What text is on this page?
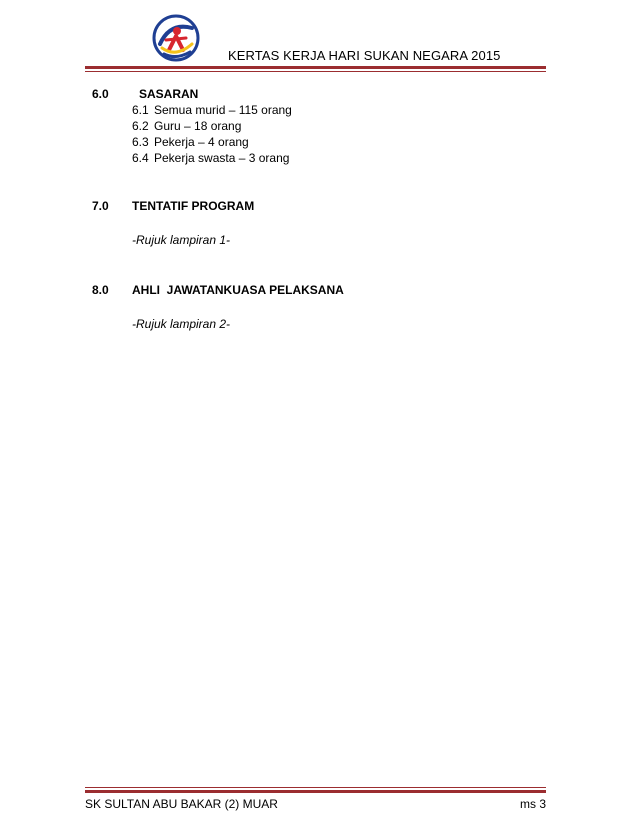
KERTAS KERJA HARI SUKAN NEGARA 2015
6.0	SASARAN
6.1 Semua murid – 115 orang
6.2 Guru – 18 orang
6.3 Pekerja – 4 orang
6.4 Pekerja swasta – 3 orang
7.0 TENTATIF PROGRAM
-Rujuk lampiran 1-
8.0 AHLI  JAWATANKUASA PELAKSANA
-Rujuk lampiran 2-
SK SULTAN ABU BAKAR (2) MUAR	ms 3
